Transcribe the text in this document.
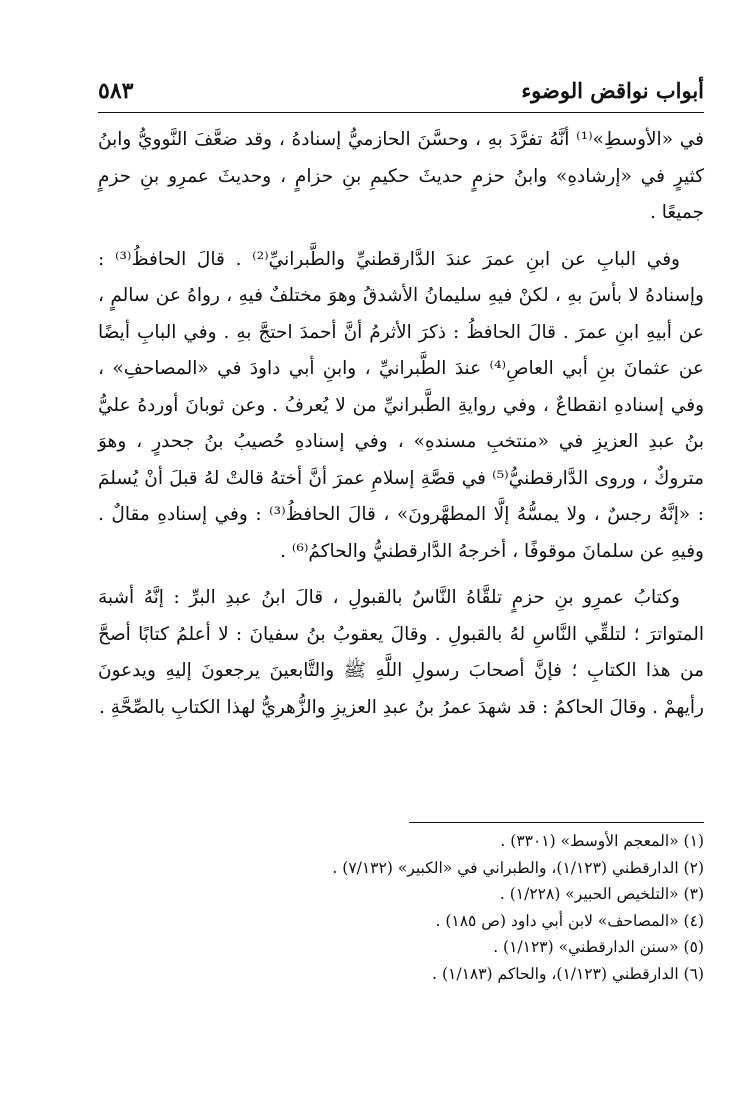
أبواب نواقض الوضوء
٥٨٣

في «الأوسطِ»⁽¹⁾ أنَّهُ تفرَّدَ بهِ ، وحسَّنَ الحازميُّ إسنادهُ ، وقد ضعَّفَ النَّوويُّ وابنُ كثيرٍ في «إرشادهِ» وابنُ حزمٍ حديثَ حكيمِ بنِ حزامٍ ، وحديثَ عمرِو بنِ حزمٍ جميعًا .

وفي البابِ عن ابنِ عمرَ عندَ الدَّارقطنيِّ والطَّبرانيِّ⁽²⁾ . قالَ الحافظُ⁽³⁾ : وإسنادهُ لا بأسَ بهِ ، لكنْ فيهِ سليمانُ الأشدقُ وهوَ مختلفٌ فيهِ ، رواهُ عن سالمٍ ، عن أبيهِ ابنِ عمرَ . قالَ الحافظُ : ذكرَ الأثرمُ أنَّ أحمدَ احتجَّ بهِ . وفي البابِ أيضًا عن عثمانَ بنِ أبي العاصِ⁽⁴⁾ عندَ الطَّبرانيِّ ، وابنِ أبي داودَ في «المصاحفِ» ، وفي إسنادهِ انقطاعٌ ، وفي روايةِ الطَّبرانيِّ من لا يُعرفُ . وعن ثوبانَ أوردهُ عليُّ بنُ عبدِ العزيزِ في «منتخبِ مسندهِ» ، وفي إسنادهِ حُصيبُ بنُ جحدرٍ ، وهوَ متروكٌ ، وروى الدَّارقطنيُّ⁽⁵⁾ في قصَّةِ إسلامِ عمرَ أنَّ أختهُ قالتْ لهُ قبلَ أنْ يُسلمَ : «إنَّهُ رجسٌ ، ولا يمسُّهُ إلَّا المطهَّرونَ» ، قالَ الحافظُ⁽³⁾ : وفي إسنادهِ مقالٌ . وفيهِ عن سلمانَ موقوفًا ، أخرجهُ الدَّارقطنيُّ والحاكمُ⁽⁶⁾ .

وكتابُ عمرِو بنِ حزمٍ تلقَّاهُ النَّاسُ بالقبولِ ، قالَ ابنُ عبدِ البرِّ : إنَّهُ أشبهَ المتواترَ ؛ لتلقِّي النَّاسِ لهُ بالقبولِ . وقالَ يعقوبُ بنُ سفيانَ : لا أعلمُ كتابًا أصحَّ من هذا الكتابِ ؛ فإنَّ أصحابَ رسولِ اللَّهِ ﷺ والتَّابعينَ يرجعونَ إليهِ ويدعونَ رأيهمْ . وقالَ الحاكمُ : قد شهدَ عمرُ بنُ عبدِ العزيزِ والزُّهريُّ لهذا الكتابِ بالصِّحَّةِ .

(١) «المعجم الأوسط» (٣٣٠١) .
(٢) الدارقطني (١/١٢٣)، والطبراني في «الكبير» (٧/١٣٢) .
(٣) «التلخيص الحبير» (١/٢٢٨) .
(٤) «المصاحف» لابن أبي داود (ص ١٨٥) .
(٥) «سنن الدارقطني» (١/١٢٣) .
(٦) الدارقطني (١/١٢٣)، والحاكم (١/١٨٣) .
